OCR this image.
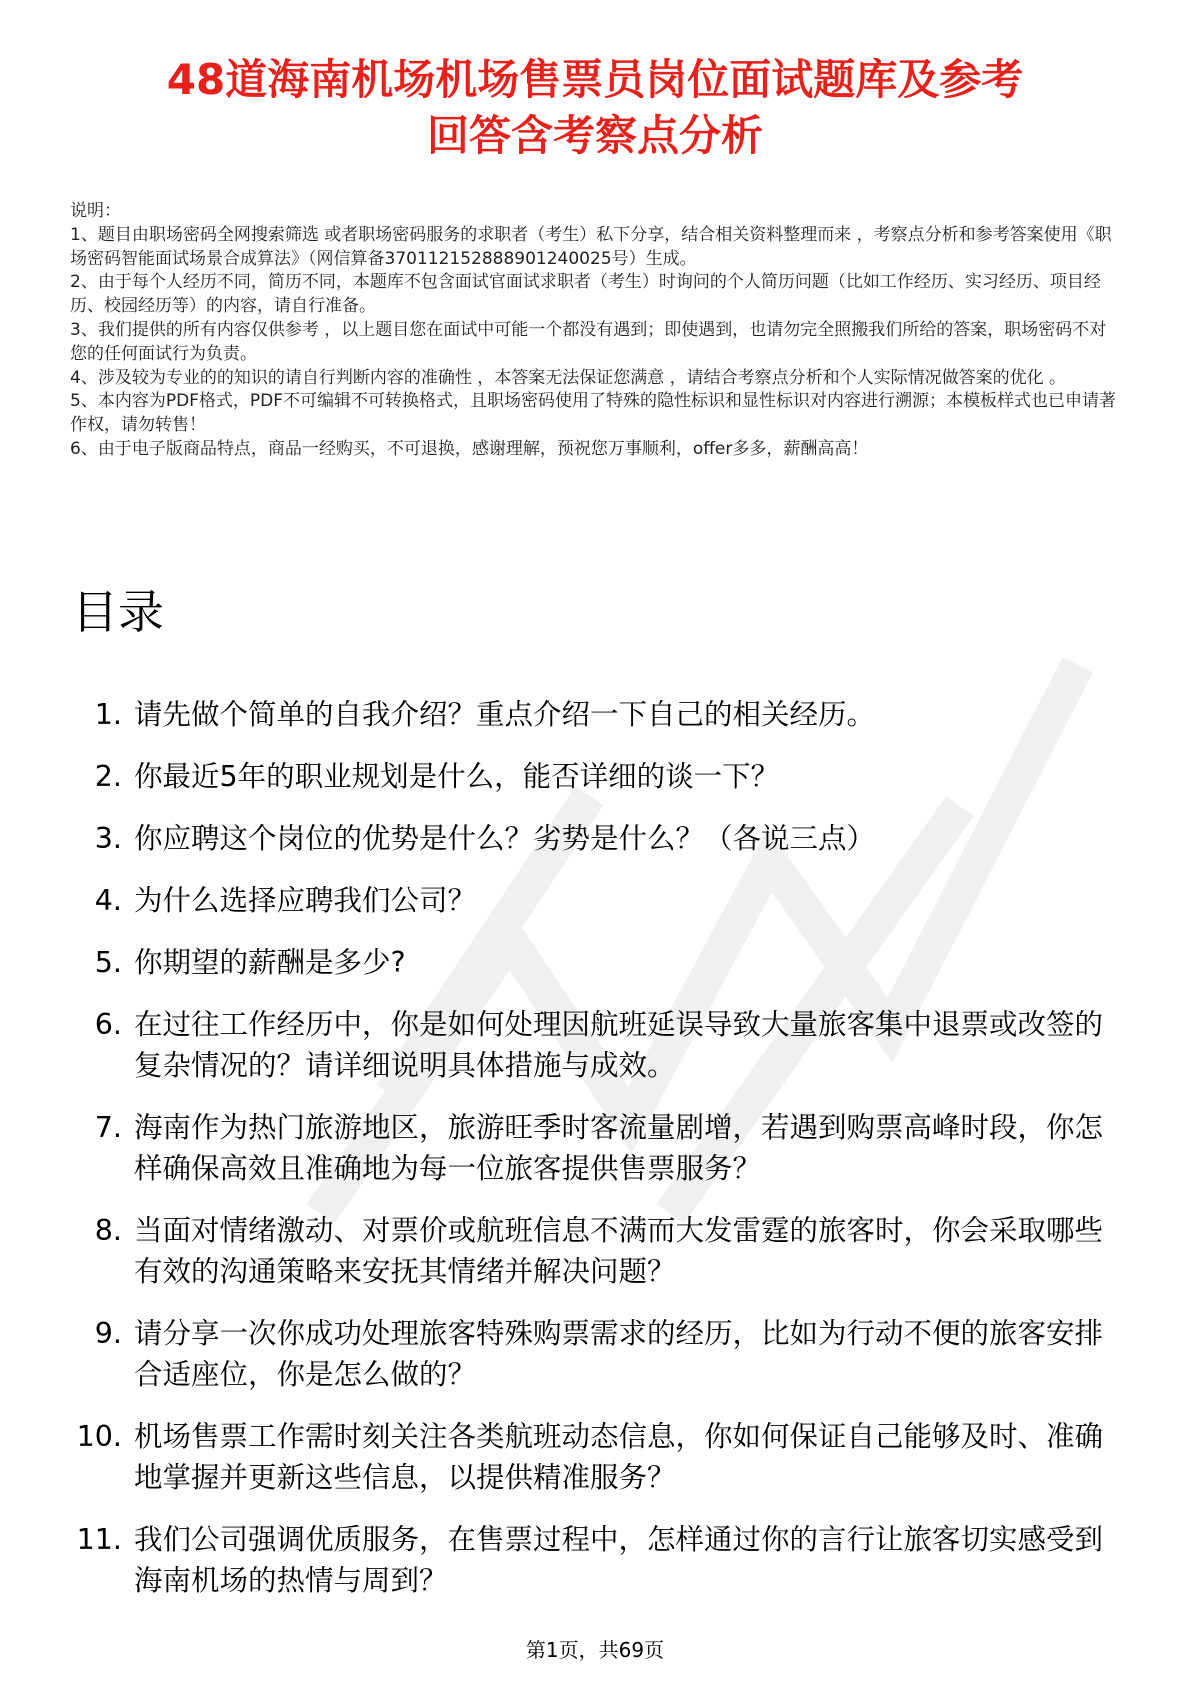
48道海南机场机场售票员岗位面试题库及参考
回答含考察点分析
说明：
1、题目由职场密码全网搜索筛选 或者职场密码服务的求职者（考生）私下分享，结合相关资料整理而来 ，考察点分析和参考答案使用《职场密码智能面试场景合成算法》（网信算备370112152888901240025号）生成。
2、由于每个人经历不同，简历不同，本题库不包含面试官面试求职者（考生）时询问的个人简历问题（比如工作经历、实习经历、项目经历、校园经历等）的内容，请自行准备。
3、我们提供的所有内容仅供参考 ，以上题目您在面试中可能一个都没有遇到；即使遇到，也请勿完全照搬我们所给的答案，职场密码不对您的任何面试行为负责。
4、涉及较为专业的的知识的请自行判断内容的准确性 ，本答案无法保证您满意 ，请结合考察点分析和个人实际情况做答案的优化 。
5、本内容为PDF格式，PDF不可编辑不可转换格式，且职场密码使用了特殊的隐性标识和显性标识对内容进行溯源；本模板样式也已申请著作权，请勿转售！
6、由于电子版商品特点，商品一经购买，不可退换，感谢理解，预祝您万事顺利，offer多多，薪酬高高！
目录
1. 请先做个简单的自我介绍？重点介绍一下自己的相关经历。
2. 你最近5年的职业规划是什么，能否详细的谈一下？
3. 你应聘这个岗位的优势是什么？劣势是什么？（各说三点）
4. 为什么选择应聘我们公司？
5. 你期望的薪酬是多少?
6. 在过往工作经历中，你是如何处理因航班延误导致大量旅客集中退票或改签的复杂情况的？请详细说明具体措施与成效。
7. 海南作为热门旅游地区，旅游旺季时客流量剧增，若遇到购票高峰时段，你怎样确保高效且准确地为每一位旅客提供售票服务？
8. 当面对情绪激动、对票价或航班信息不满而大发雷霆的旅客时，你会采取哪些有效的沟通策略来安抚其情绪并解决问题？
9. 请分享一次你成功处理旅客特殊购票需求的经历，比如为行动不便的旅客安排合适座位，你是怎么做的？
10. 机场售票工作需时刻关注各类航班动态信息，你如何保证自己能够及时、准确地掌握并更新这些信息，以提供精准服务？
11. 我们公司强调优质服务，在售票过程中，怎样通过你的言行让旅客切实感受到海南机场的热情与周到？
第1页，共69页
